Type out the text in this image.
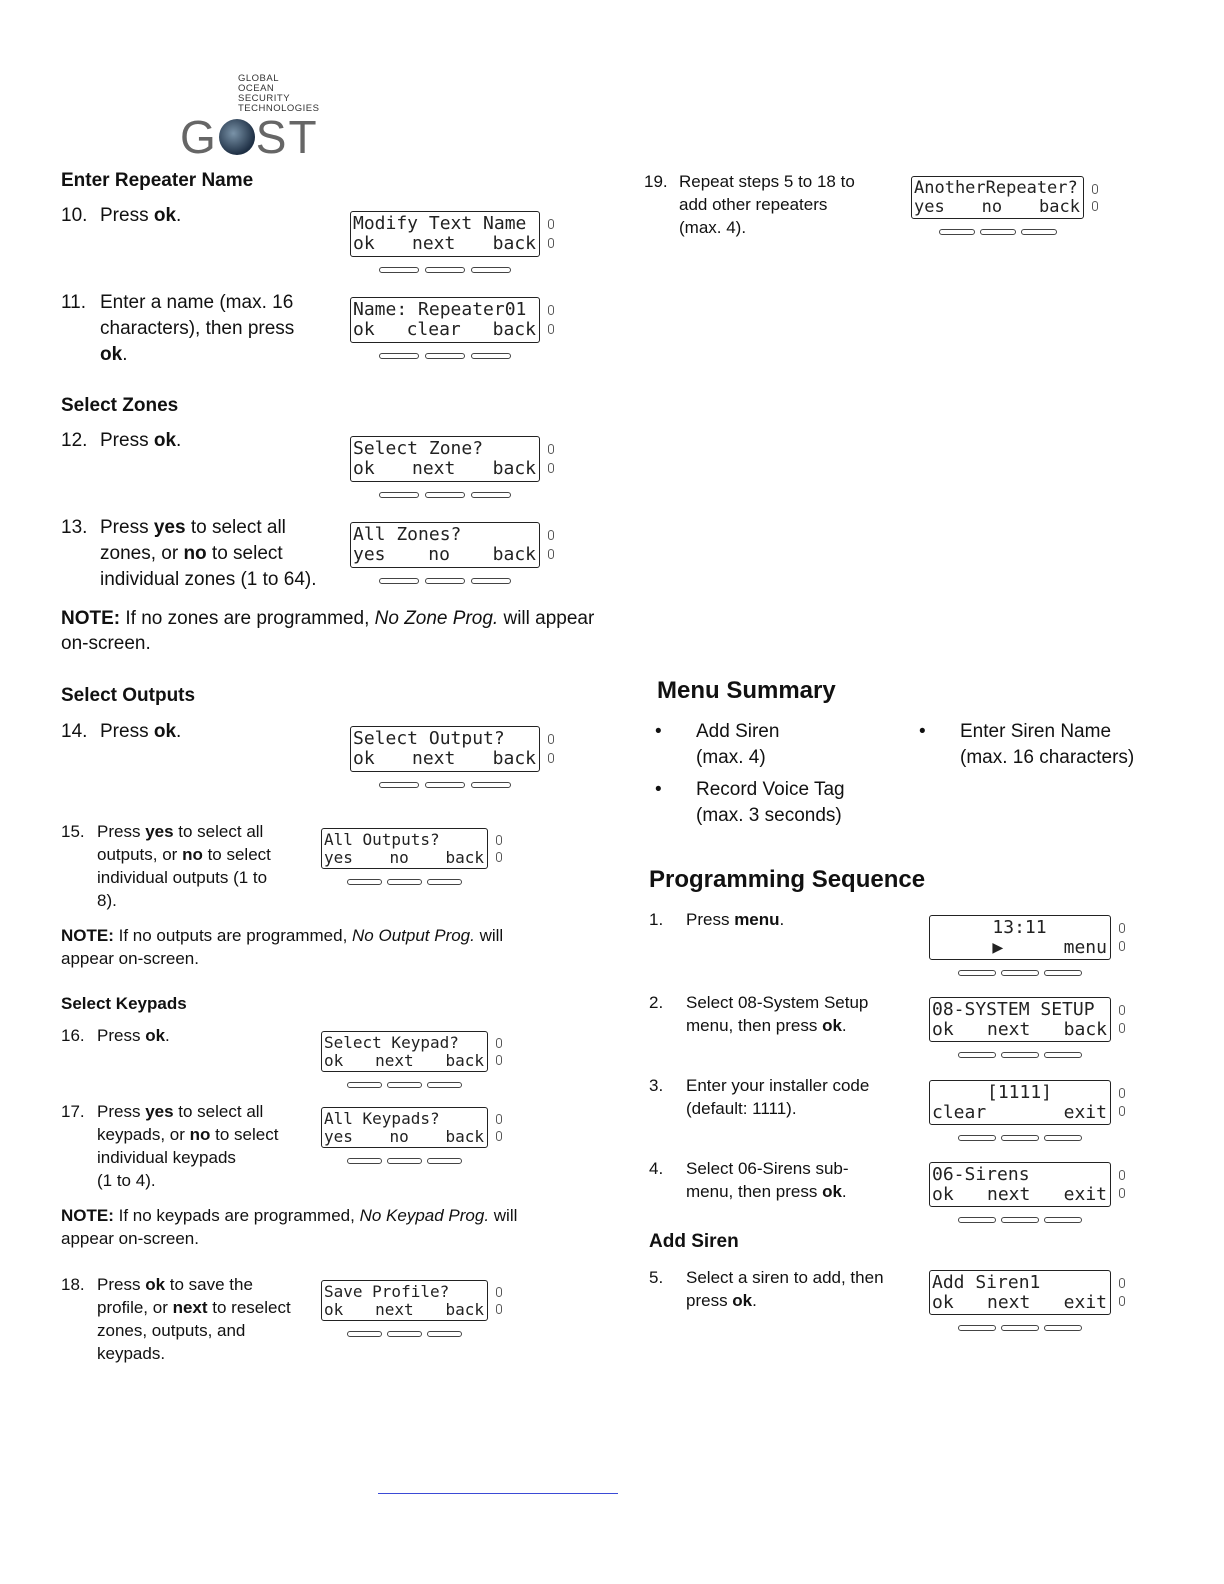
GLOBAL
OCEAN
SECURITY
TECHNOLOGIES
G ST
Enter Repeater Name
10. Press ok.
11. Enter a name (max. 16
characters), then press
ok.
Select Zones
12. Press ok.
13. Press yes to select all
zones, or no to select
individual zones (1 to 64).
NOTE: If no zones are programmed, No Zone Prog. will appear
on-screen.
Select Outputs
14. Press ok.
15. Press yes to select all
outputs, or no to select
individual outputs (1 to
8).
NOTE: If no outputs are programmed, No Output Prog. will
appear on-screen.
Select Keypads
16. Press ok.
17. Press yes to select all
keypads, or no to select
individual keypads
(1 to 4).
NOTE: If no keypads are programmed, No Keypad Prog. will
appear on-screen.
18. Press ok to save the
profile, or next to reselect
zones, outputs, and
keypads.
19. Repeat steps 5 to 18 to
add other repeaters
(max. 4).
Menu Summary
• Add Siren
(max. 4)
• Record Voice Tag
(max. 3 seconds)
• Enter Siren Name
(max. 16 characters)
Programming Sequence
1. Press menu.
2. Select 08-System Setup
menu, then press ok.
3. Enter your installer code
(default: 1111).
4. Select 06-Sirens sub-
menu, then press ok.
Add Siren
5. Select a siren to add, then
press ok.
Modify Text Name
ok next back
Name: Repeater01
ok clear back
Select Zone?
ok next back
All Zones?
yes no back
Select Output?
ok next back
All Outputs?
yes no back
Select Keypad?
ok next back
All Keypads?
yes no back
Save Profile?
ok next back
AnotherRepeater?
yes no back
13:11
▶	menu
08-SYSTEM SETUP
ok next back
[1111]
clear	exit
06-Sirens
ok next exit
Add Siren1
ok next exit
